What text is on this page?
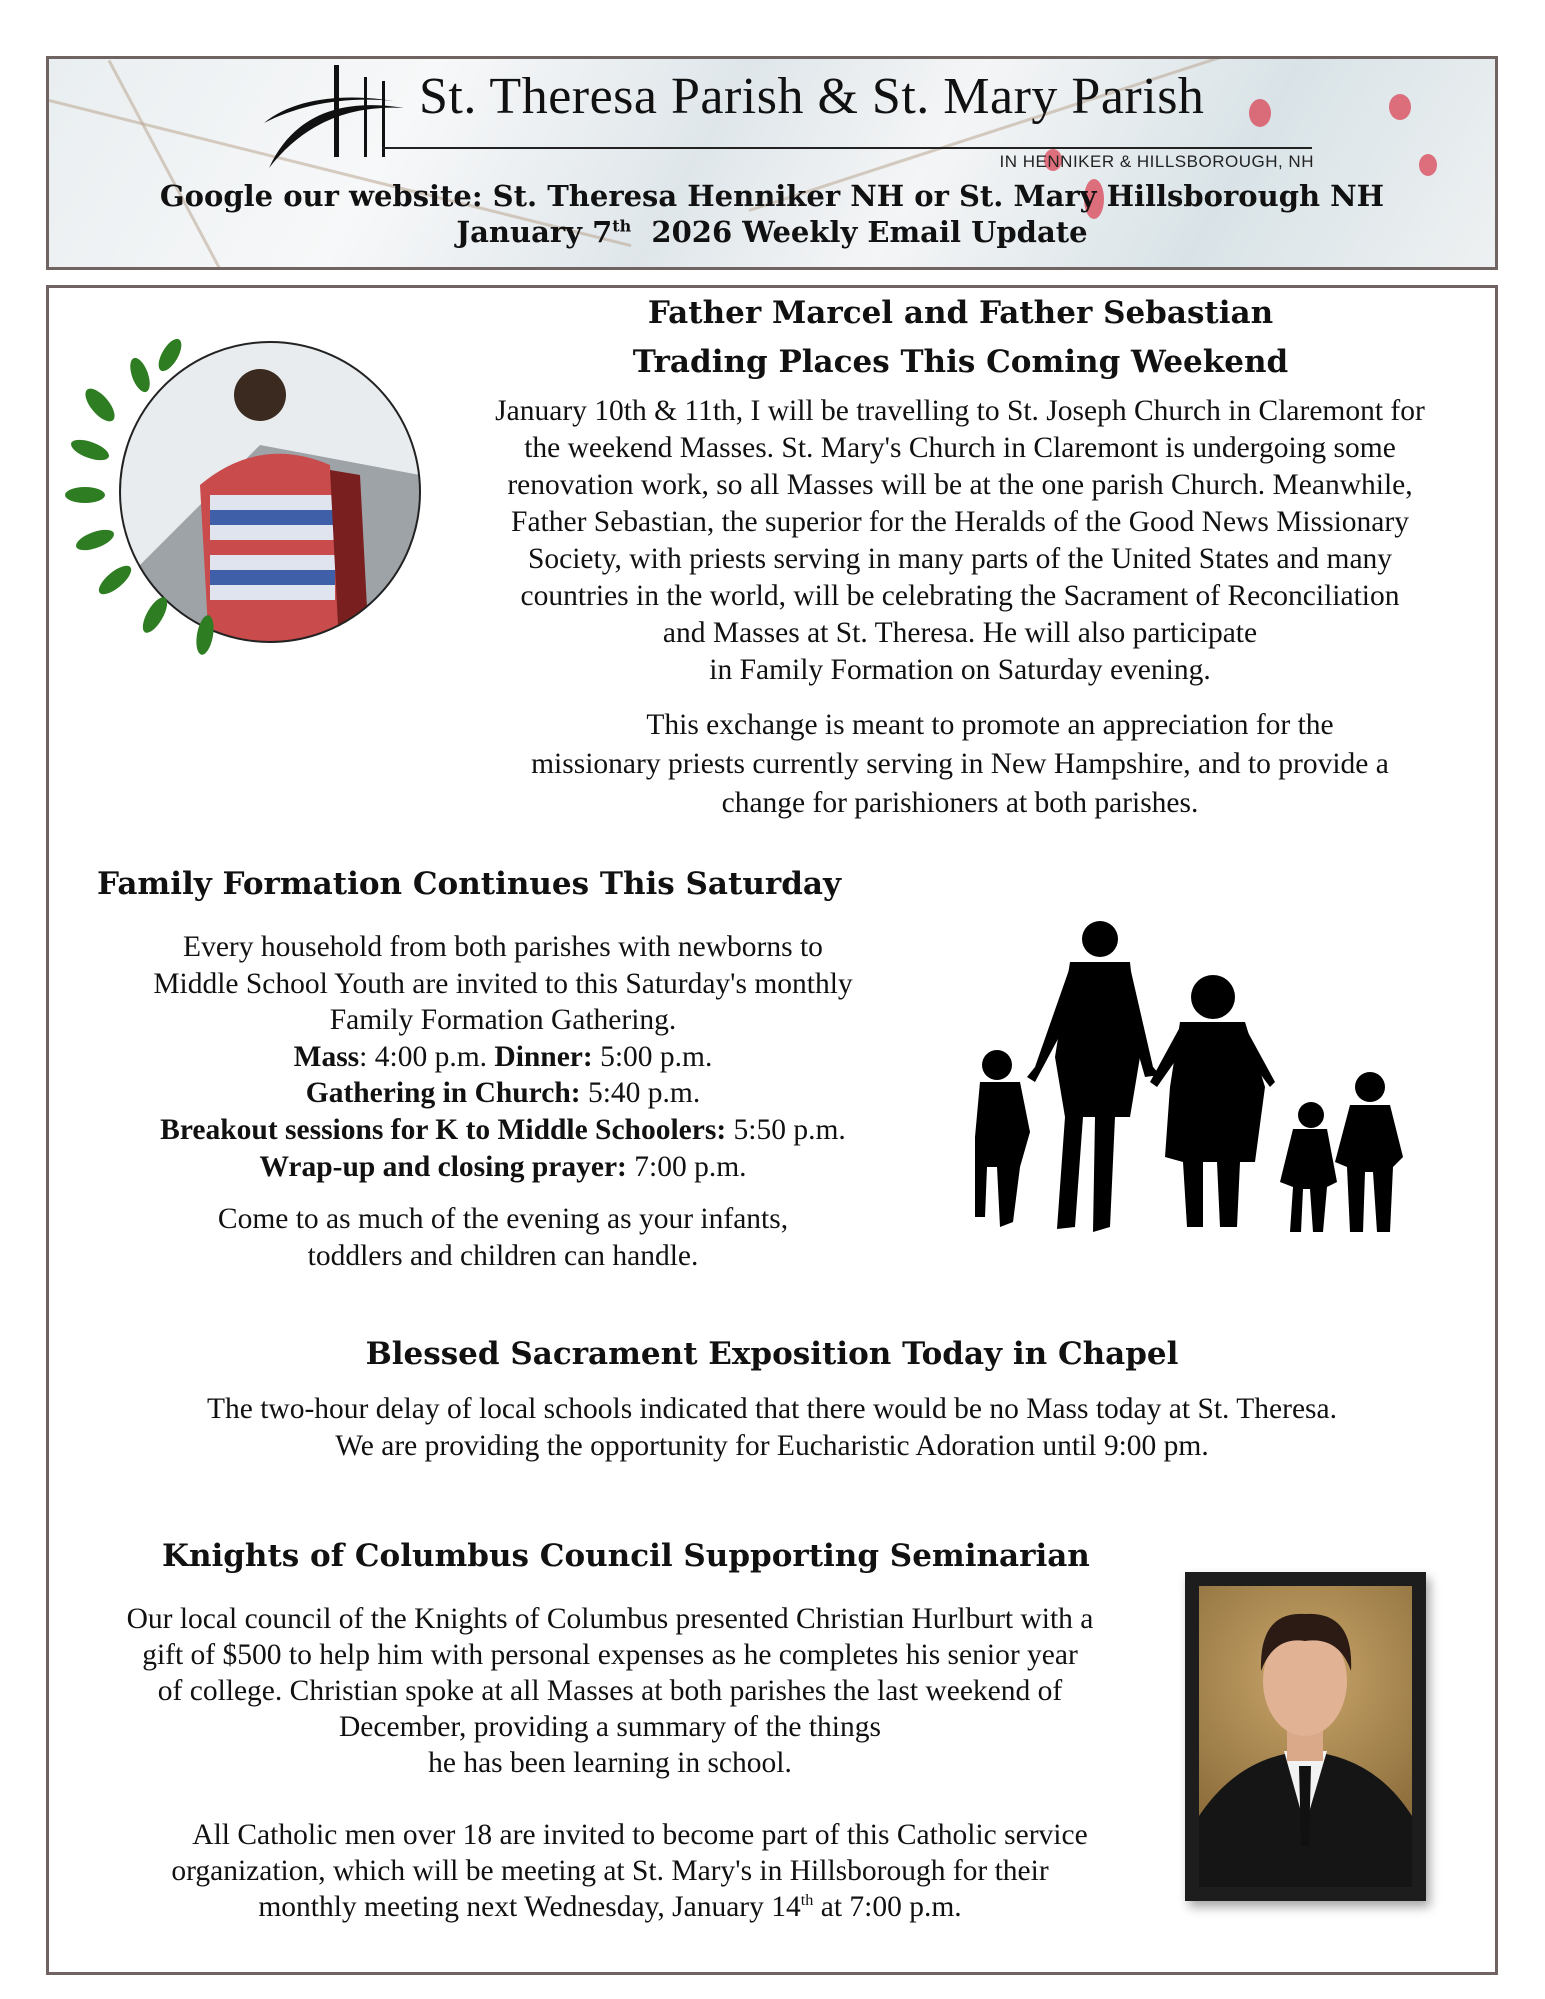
St. Theresa Parish & St. Mary Parish
IN HENNIKER & HILLSBOROUGH, NH
Google our website: St. Theresa Henniker NH or St. Mary Hillsborough NH
January 7th  2026 Weekly Email Update
Father Marcel and Father Sebastian
Trading Places This Coming Weekend
January 10th & 11th, I will be travelling to St. Joseph Church in Claremont for
the weekend Masses. St. Mary's Church in Claremont is undergoing some
renovation work, so all Masses will be at the one parish Church. Meanwhile,
Father Sebastian, the superior for the Heralds of the Good News Missionary
Society, with priests serving in many parts of the United States and many
countries in the world, will be celebrating the Sacrament of Reconciliation
and Masses at St. Theresa. He will also participate
in Family Formation on Saturday evening.
This exchange is meant to promote an appreciation for the
missionary priests currently serving in New Hampshire, and to provide a
change for parishioners at both parishes.
Family Formation Continues This Saturday
Every household from both parishes with newborns to
Middle School Youth are invited to this Saturday's monthly
Family Formation Gathering.
Mass: 4:00 p.m. Dinner: 5:00 p.m.
Gathering in Church: 5:40 p.m.
Breakout sessions for K to Middle Schoolers: 5:50 p.m.
Wrap-up and closing prayer: 7:00 p.m.
Come to as much of the evening as your infants,
toddlers and children can handle.
Blessed Sacrament Exposition Today in Chapel
The two-hour delay of local schools indicated that there would be no Mass today at St. Theresa.
We are providing the opportunity for Eucharistic Adoration until 9:00 pm.
Knights of Columbus Council Supporting Seminarian
Our local council of the Knights of Columbus presented Christian Hurlburt with a
gift of $500 to help him with personal expenses as he completes his senior year
of college. Christian spoke at all Masses at both parishes the last weekend of
December, providing a summary of the things
he has been learning in school.
All Catholic men over 18 are invited to become part of this Catholic service
organization, which will be meeting at St. Mary's in Hillsborough for their
monthly meeting next Wednesday, January 14th at 7:00 p.m.
